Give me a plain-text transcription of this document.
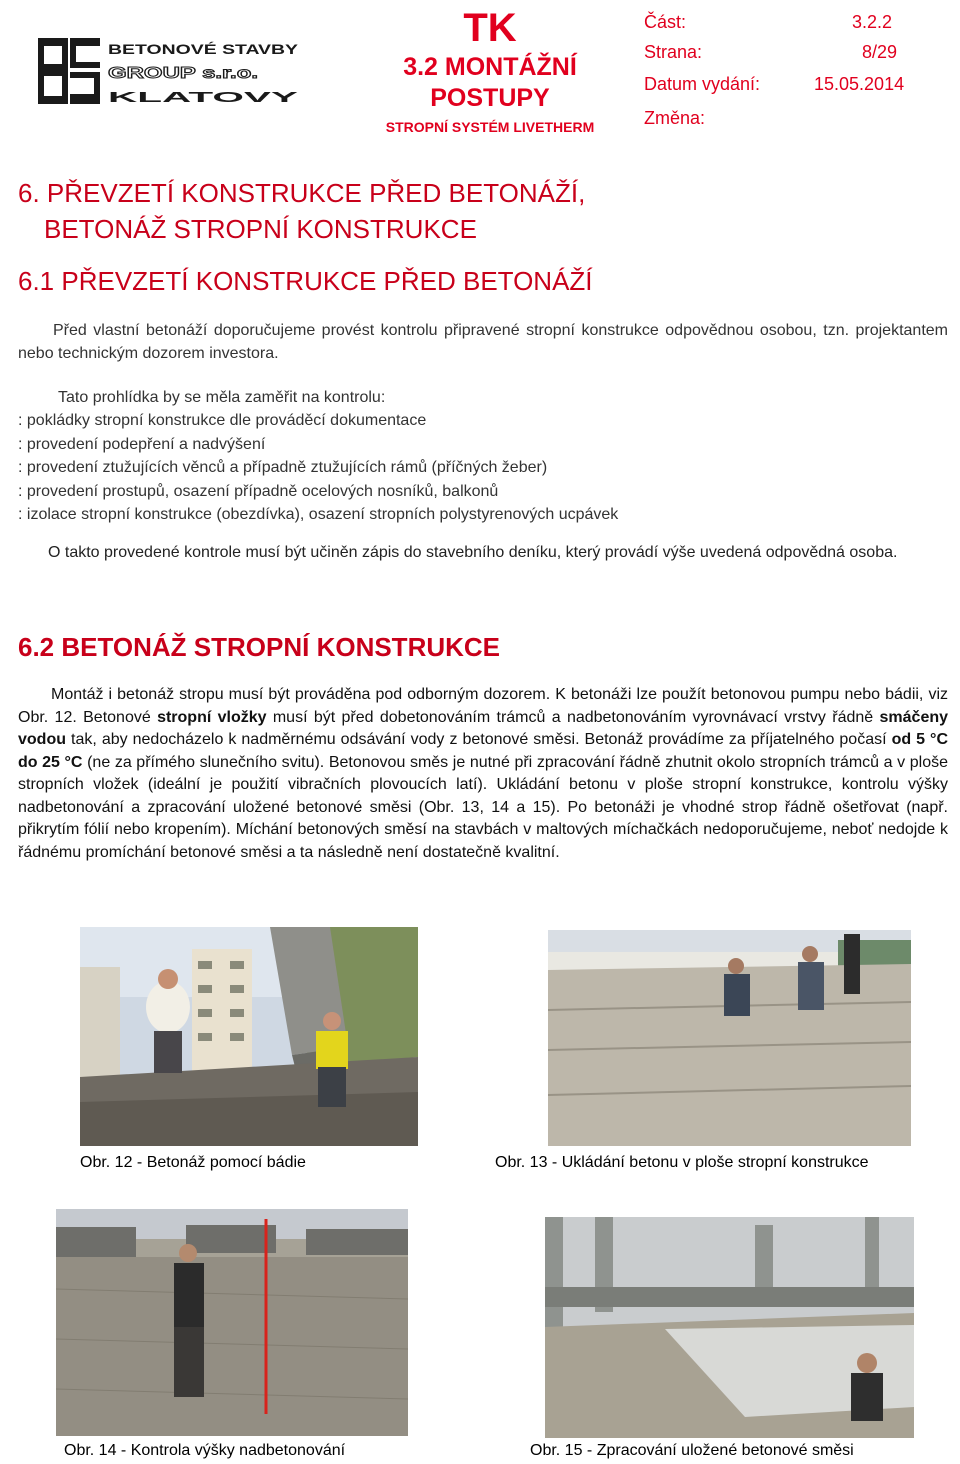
BETONOVÉ STAVBY
GROUP s.r.o.
KLATOVY
TK
3.2 MONTÁŽNÍ
POSTUPY
STROPNÍ SYSTÉM LIVETHERM
Část:	3.2.2
Strana:	8/29
Datum vydání:	15.05.2014
Změna:
6. PŘEVZETÍ KONSTRUKCE PŘED BETONÁŽÍ,
BETONÁŽ STROPNÍ KONSTRUKCE
6.1 PŘEVZETÍ KONSTRUKCE PŘED BETONÁŽÍ

Před vlastní betonáží doporučujeme provést kontrolu připravené stropní konstrukce odpovědnou osobou, tzn. projektantem nebo technickým dozorem investora.

Tato prohlídka by se měla zaměřit na kontrolu:
: pokládky stropní konstrukce dle prováděcí dokumentace
: provedení podepření a nadvýšení
: provedení ztužujících věnců a případně ztužujících rámů (příčných žeber)
: provedení prostupů, osazení případně ocelových nosníků, balkonů
: izolace stropní konstrukce (obezdívka), osazení stropních polystyrenových ucpávek

O takto provedené kontrole musí být učiněn zápis do stavebního deníku, který provádí výše uvedená odpovědná osoba.

6.2 BETONÁŽ STROPNÍ KONSTRUKCE

Montáž i betonáž stropu musí být prováděna pod odborným dozorem. K betonáži lze použít betonovou pumpu nebo bádii, viz Obr. 12. Betonové stropní vložky musí být před dobetonováním trámců a nadbetonováním vyrovnávací vrstvy řádně smáčeny vodou tak, aby nedocházelo k nadměrnému odsávání vody z betonové směsi. Betonáž provádíme za příjatelného počasí od 5 °C do 25 °C (ne za přímého slunečního svitu). Betonovou směs je nutné při zpracování řádně zhutnit okolo stropních trámců a v ploše stropních vložek (ideální je použití vibračních plovoucích latí). Ukládání betonu v ploše stropní konstrukce, kontrolu výšky nadbetonování a zpracování uložené betonové směsi (Obr. 13, 14 a 15). Po betonáži je vhodné strop řádně ošetřovat (např. přikrytím fólií nebo kropením). Míchání betonových směsí na stavbách v maltových míchačkách nedoporučujeme, neboť nedojde k řádnému promíchání betonové směsi a ta následně není dostatečně kvalitní.

Obr. 12 - Betonáž pomocí bádie	Obr. 13 - Ukládání betonu v ploše stropní konstrukce
Obr. 14 - Kontrola výšky nadbetonování	Obr. 15 - Zpracování uložené betonové směsi
